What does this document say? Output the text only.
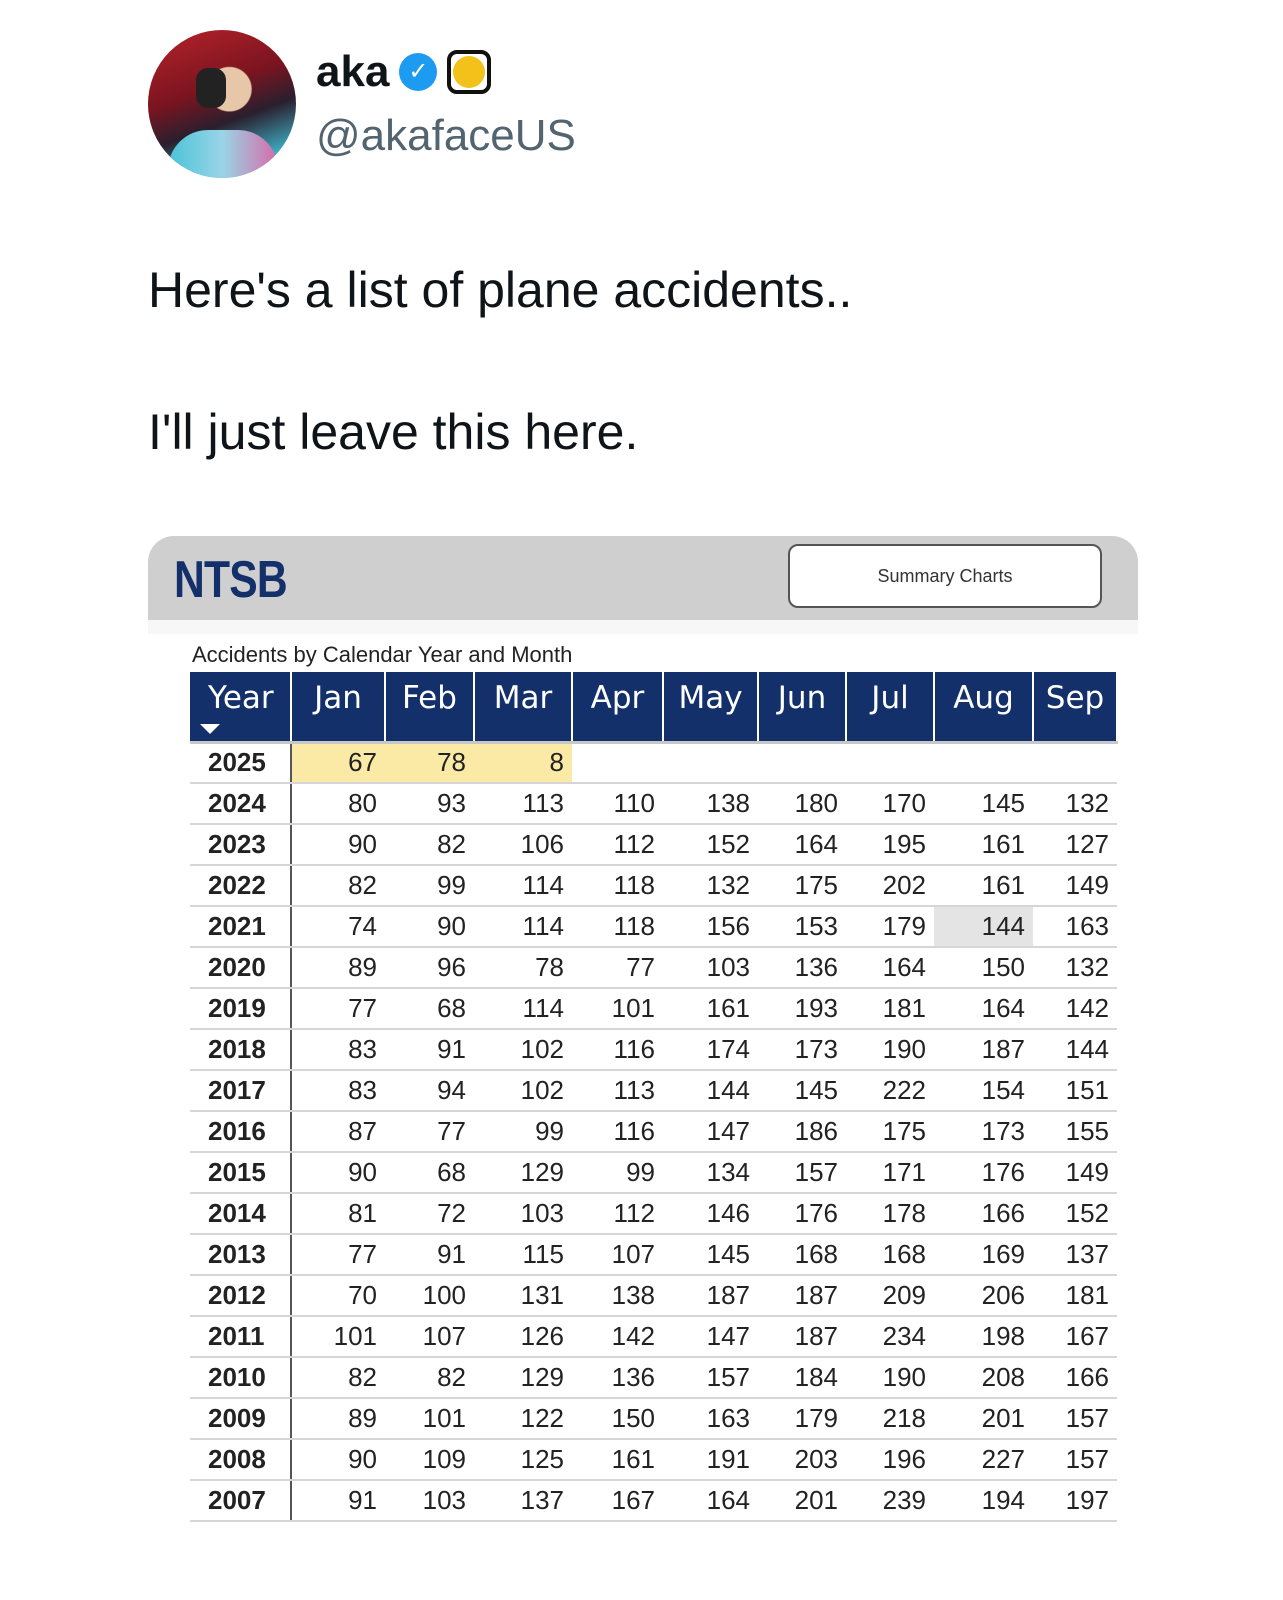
aka ✓
@akafaceUS
Here's a list of plane accidents..
I'll just leave this here.
NTSB	Summary Charts
Accidents by Calendar Year and Month
Year	Jan	Feb	Mar	Apr	May	Jun	Jul	Aug	Sep
2025	67	78	8						
2024	80	93	113	110	138	180	170	145	132
2023	90	82	106	112	152	164	195	161	127
2022	82	99	114	118	132	175	202	161	149
2021	74	90	114	118	156	153	179	144	163
2020	89	96	78	77	103	136	164	150	132
2019	77	68	114	101	161	193	181	164	142
2018	83	91	102	116	174	173	190	187	144
2017	83	94	102	113	144	145	222	154	151
2016	87	77	99	116	147	186	175	173	155
2015	90	68	129	99	134	157	171	176	149
2014	81	72	103	112	146	176	178	166	152
2013	77	91	115	107	145	168	168	169	137
2012	70	100	131	138	187	187	209	206	181
2011	101	107	126	142	147	187	234	198	167
2010	82	82	129	136	157	184	190	208	166
2009	89	101	122	150	163	179	218	201	157
2008	90	109	125	161	191	203	196	227	157
2007	91	103	137	167	164	201	239	194	197
